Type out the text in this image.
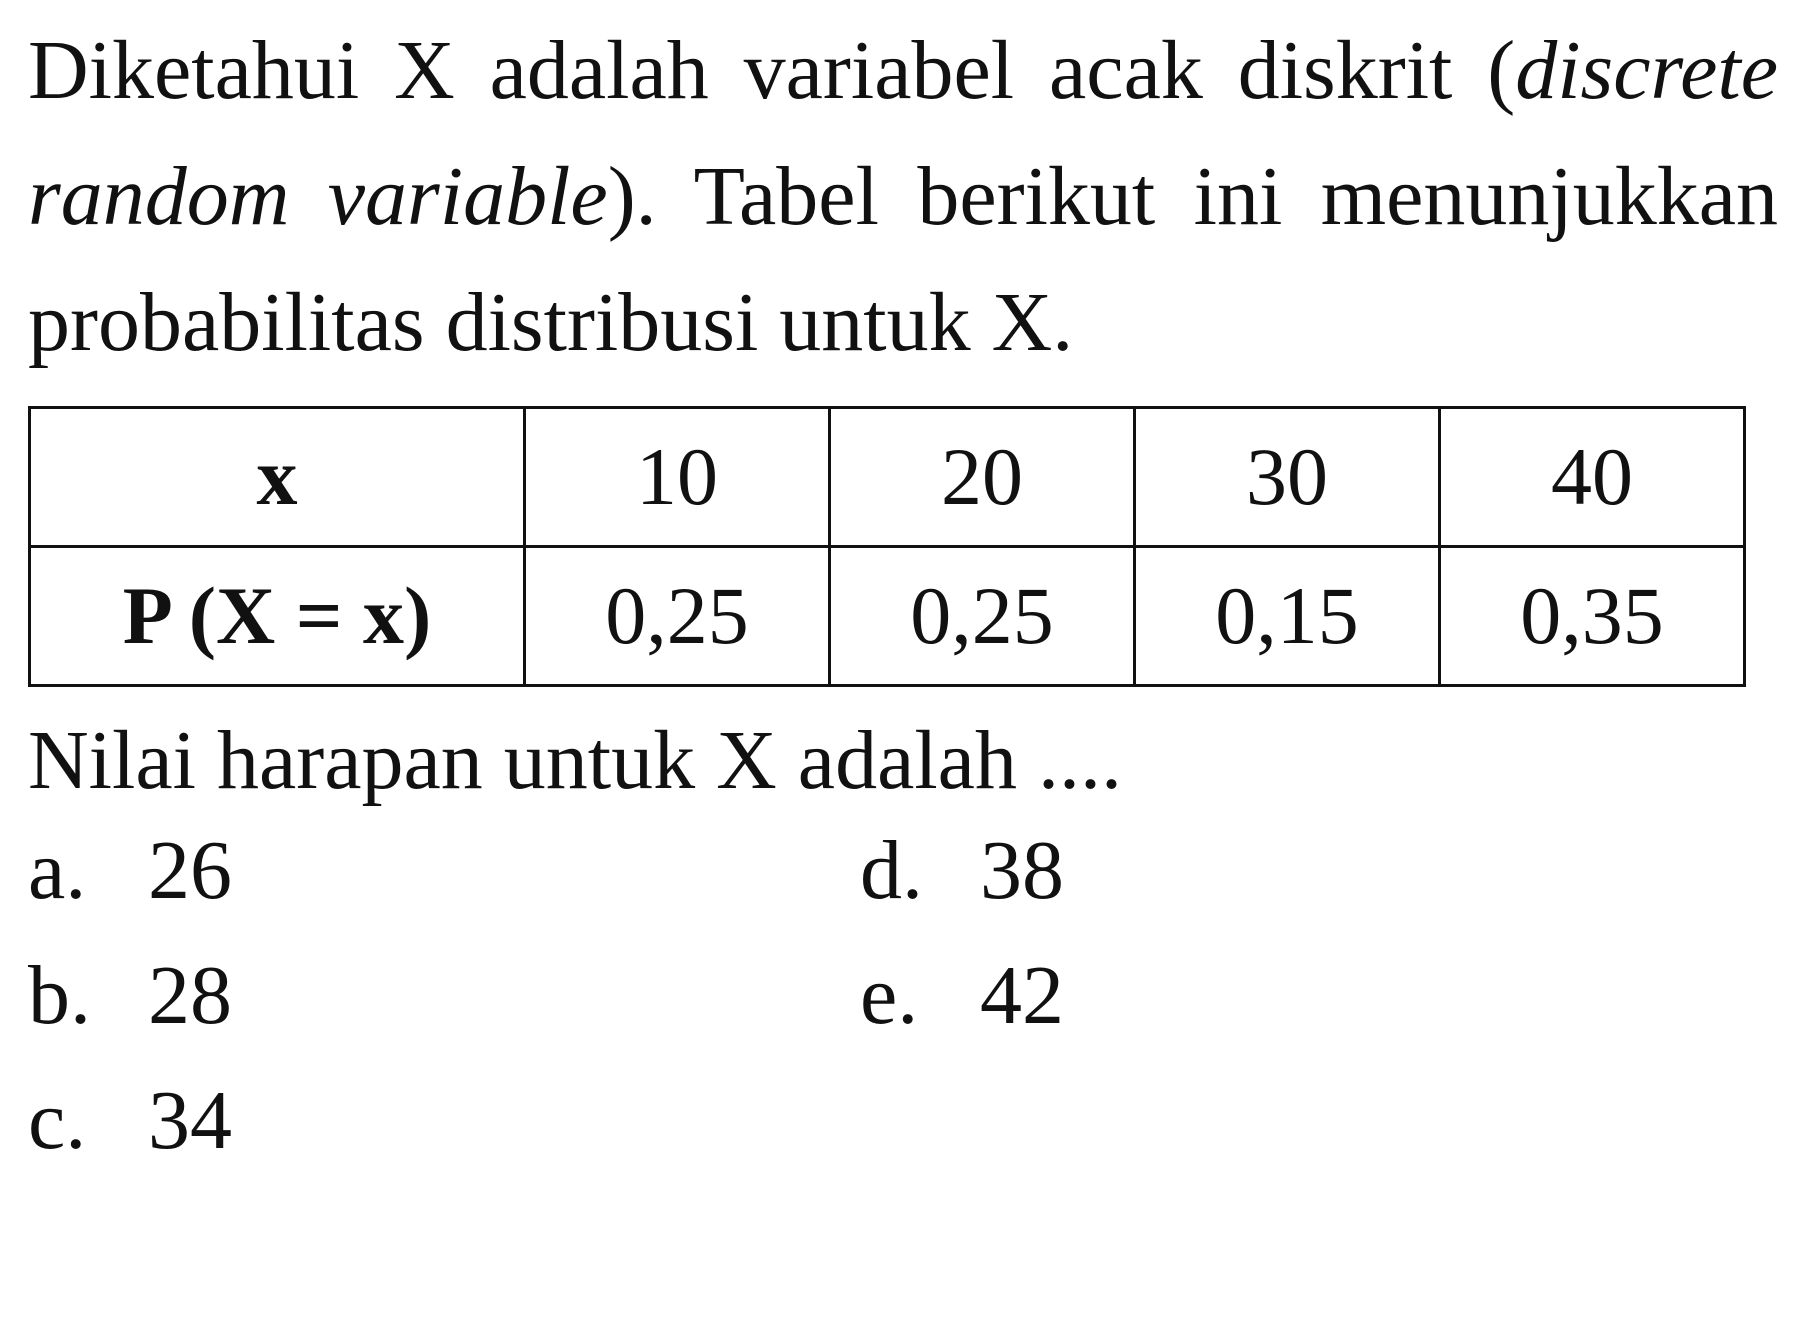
Diketahui X adalah variabel acak diskrit (discrete random variable). Tabel berikut ini menunjukkan probabilitas distribusi untuk X.

x	10	20	30	40
P (X = x)	0,25	0,25	0,15	0,35

Nilai harapan untuk X adalah ....

a. 26
b. 28
c. 34
d. 38
e. 42
